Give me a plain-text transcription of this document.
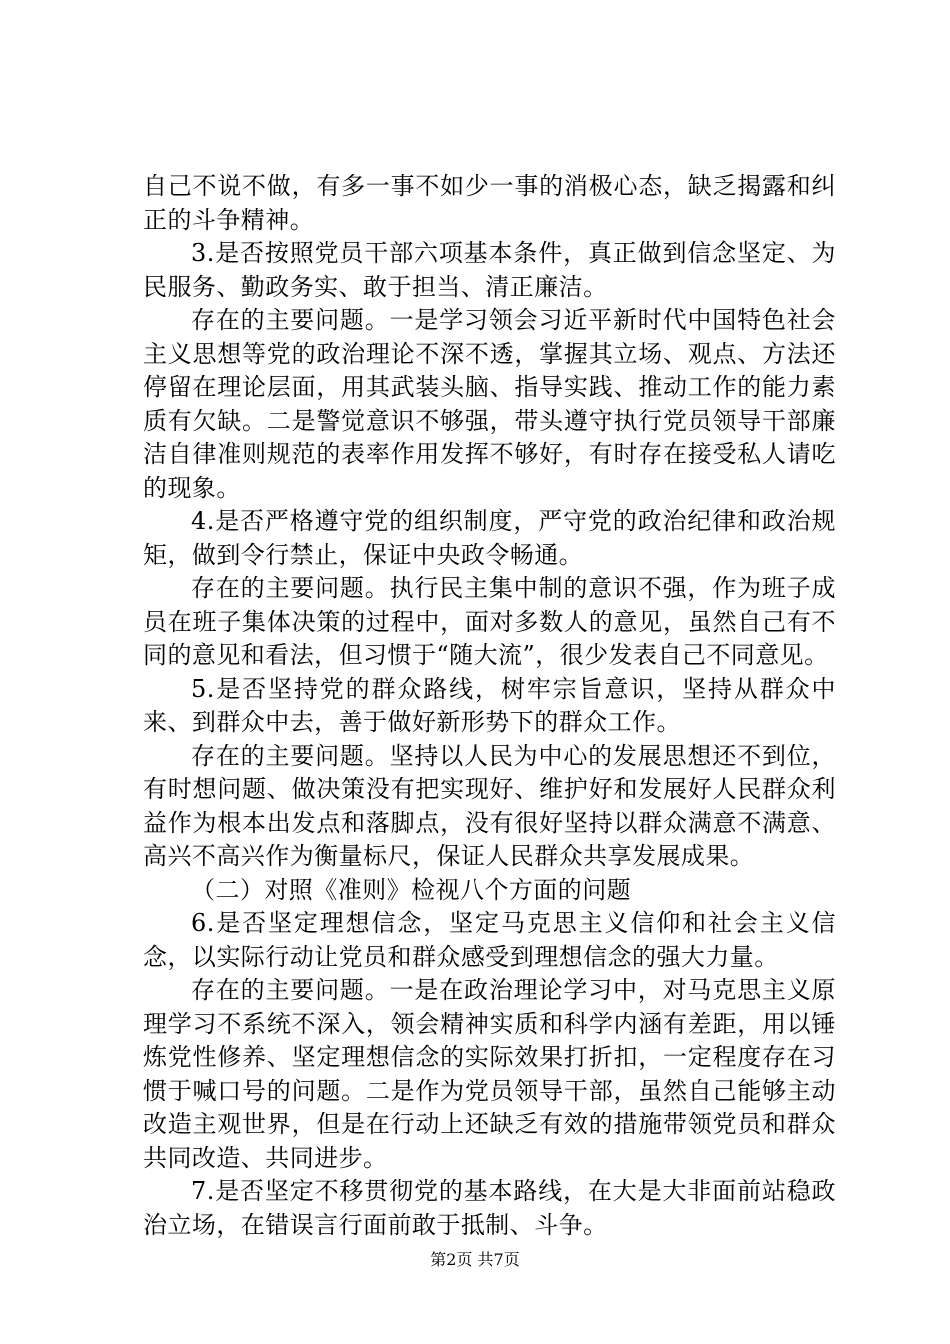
自己不说不做，有多一事不如少一事的消极心态，缺乏揭露和纠正的斗争精神。

3.是否按照党员干部六项基本条件，真正做到信念坚定、为民服务、勤政务实、敢于担当、清正廉洁。

存在的主要问题。一是学习领会习近平新时代中国特色社会主义思想等党的政治理论不深不透，掌握其立场、观点、方法还停留在理论层面，用其武装头脑、指导实践、推动工作的能力素质有欠缺。二是警觉意识不够强，带头遵守执行党员领导干部廉洁自律准则规范的表率作用发挥不够好，有时存在接受私人请吃的现象。

4.是否严格遵守党的组织制度，严守党的政治纪律和政治规矩，做到令行禁止，保证中央政令畅通。

存在的主要问题。执行民主集中制的意识不强，作为班子成员在班子集体决策的过程中，面对多数人的意见，虽然自己有不同的意见和看法，但习惯于“随大流”，很少发表自己不同意见。

5.是否坚持党的群众路线，树牢宗旨意识，坚持从群众中来、到群众中去，善于做好新形势下的群众工作。

存在的主要问题。坚持以人民为中心的发展思想还不到位，有时想问题、做决策没有把实现好、维护好和发展好人民群众利益作为根本出发点和落脚点，没有很好坚持以群众满意不满意、高兴不高兴作为衡量标尺，保证人民群众共享发展成果。

（二）对照《准则》检视八个方面的问题

6.是否坚定理想信念，坚定马克思主义信仰和社会主义信念，以实际行动让党员和群众感受到理想信念的强大力量。

存在的主要问题。一是在政治理论学习中，对马克思主义原理学习不系统不深入，领会精神实质和科学内涵有差距，用以锤炼党性修养、坚定理想信念的实际效果打折扣，一定程度存在习惯于喊口号的问题。二是作为党员领导干部，虽然自己能够主动改造主观世界，但是在行动上还缺乏有效的措施带领党员和群众共同改造、共同进步。

7.是否坚定不移贯彻党的基本路线，在大是大非面前站稳政治立场，在错误言行面前敢于抵制、斗争。

第2页 共7页
